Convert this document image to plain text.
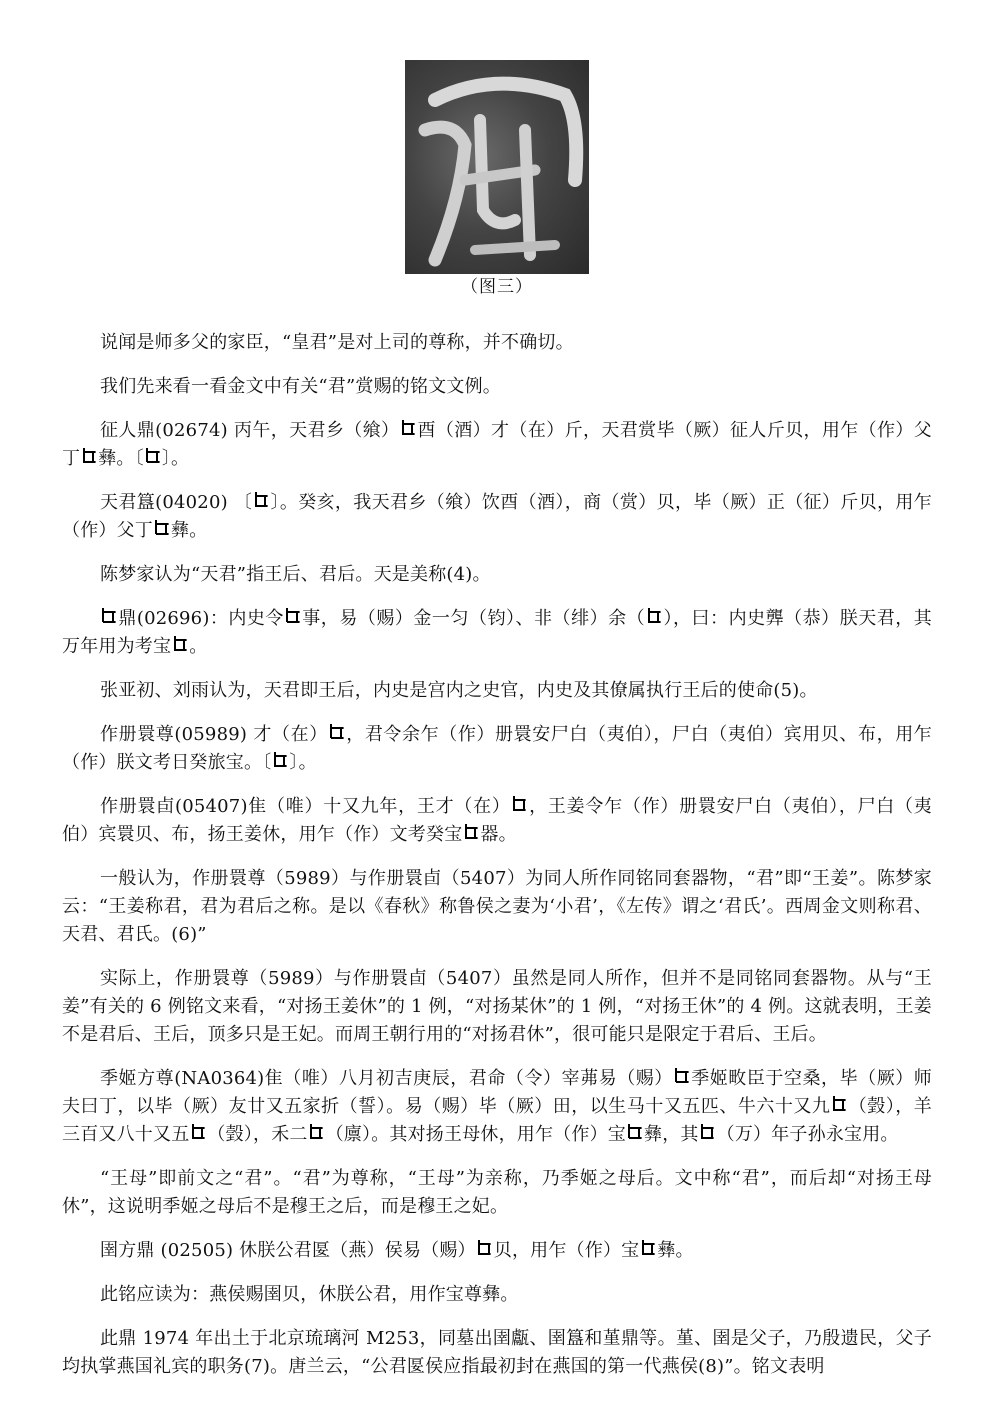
（图三）

说闻是师多父的家臣，“皇君”是对上司的尊称，并不确切。

我们先来看一看金文中有关“君”赏赐的铭文文例。

征人鼎(02674) 丙午，天君乡（飨） 酉（酒）才（在）斤，天君赏毕（厥）征人斤贝，用乍（作）父丁 彝。〔 〕。

天君簋(04020) 〔 〕。癸亥，我天君乡（飨）饮酉（酒），商（赏）贝，毕（厥）正（征）斤贝，用乍（作）父丁 彝。

陈梦家认为“天君”指王后、君后。天是美称(4)。

鼎(02696)：内史令 事，易（赐）金一匀（钧）、非（绯）余（ ），曰：内史龏（恭）朕天君，其万年用为考宝 。

张亚初、刘雨认为，天君即王后，内史是宫内之史官，内史及其僚属执行王后的使命(5)。

作册睘尊(05989) 才（在） ，君令余乍（作）册睘安尸白（夷伯），尸白（夷伯）宾用贝、布，用乍（作）朕文考日癸旅宝。〔 〕。

作册睘卣(05407)隹（唯）十又九年，王才（在） ，王姜令乍（作）册睘安尸白（夷伯），尸白（夷伯）宾睘贝、布，扬王姜休，用乍（作）文考癸宝 器。

一般认为，作册睘尊（5989）与作册睘卣（5407）为同人所作同铭同套器物，“君”即“王姜”。陈梦家云：“王姜称君，君为君后之称。是以《春秋》称鲁侯之妻为‘小君’，《左传》谓之‘君氏’。西周金文则称君、天君、君氏。(6)”

实际上，作册睘尊（5989）与作册睘卣（5407）虽然是同人所作，但并不是同铭同套器物。从与“王姜”有关的 6 例铭文来看，“对扬王姜休”的 1 例，“对扬某休”的 1 例，“对扬王休”的 4 例。这就表明，王姜不是君后、王后，顶多只是王妃。而周王朝行用的“对扬君休”，很可能只是限定于君后、王后。

季姬方尊(NA0364)隹（唯）八月初吉庚辰，君命（令）宰茀易（赐） 季姬畋臣于空桑，毕（厥）师夫曰丁，以毕（厥）友廿又五家折（誓）。易（赐）毕（厥）田，以生马十又五匹、牛六十又九 （瑴），羊三百又八十又五 （瑴），禾二 （廪）。其对扬王母休，用乍（作）宝 彝，其 （万）年子孙永宝用。

“王母”即前文之“君”。“君”为尊称，“王母”为亲称，乃季姬之母后。文中称“君”，而后却“对扬王母休”，这说明季姬之母后不是穆王之后，而是穆王之妃。

圉方鼎 (02505) 休朕公君匽（燕）侯易（赐） 贝，用乍（作）宝 彝。

此铭应读为：燕侯赐圉贝，休朕公君，用作宝尊彝。

此鼎 1974 年出土于北京琉璃河 M253，同墓出圉甗、圉簋和堇鼎等。堇、圉是父子，乃殷遗民，父子均执掌燕国礼宾的职务(7)。唐兰云，“公君匽侯应指最初封在燕国的第一代燕侯(8)”。铭文表明
